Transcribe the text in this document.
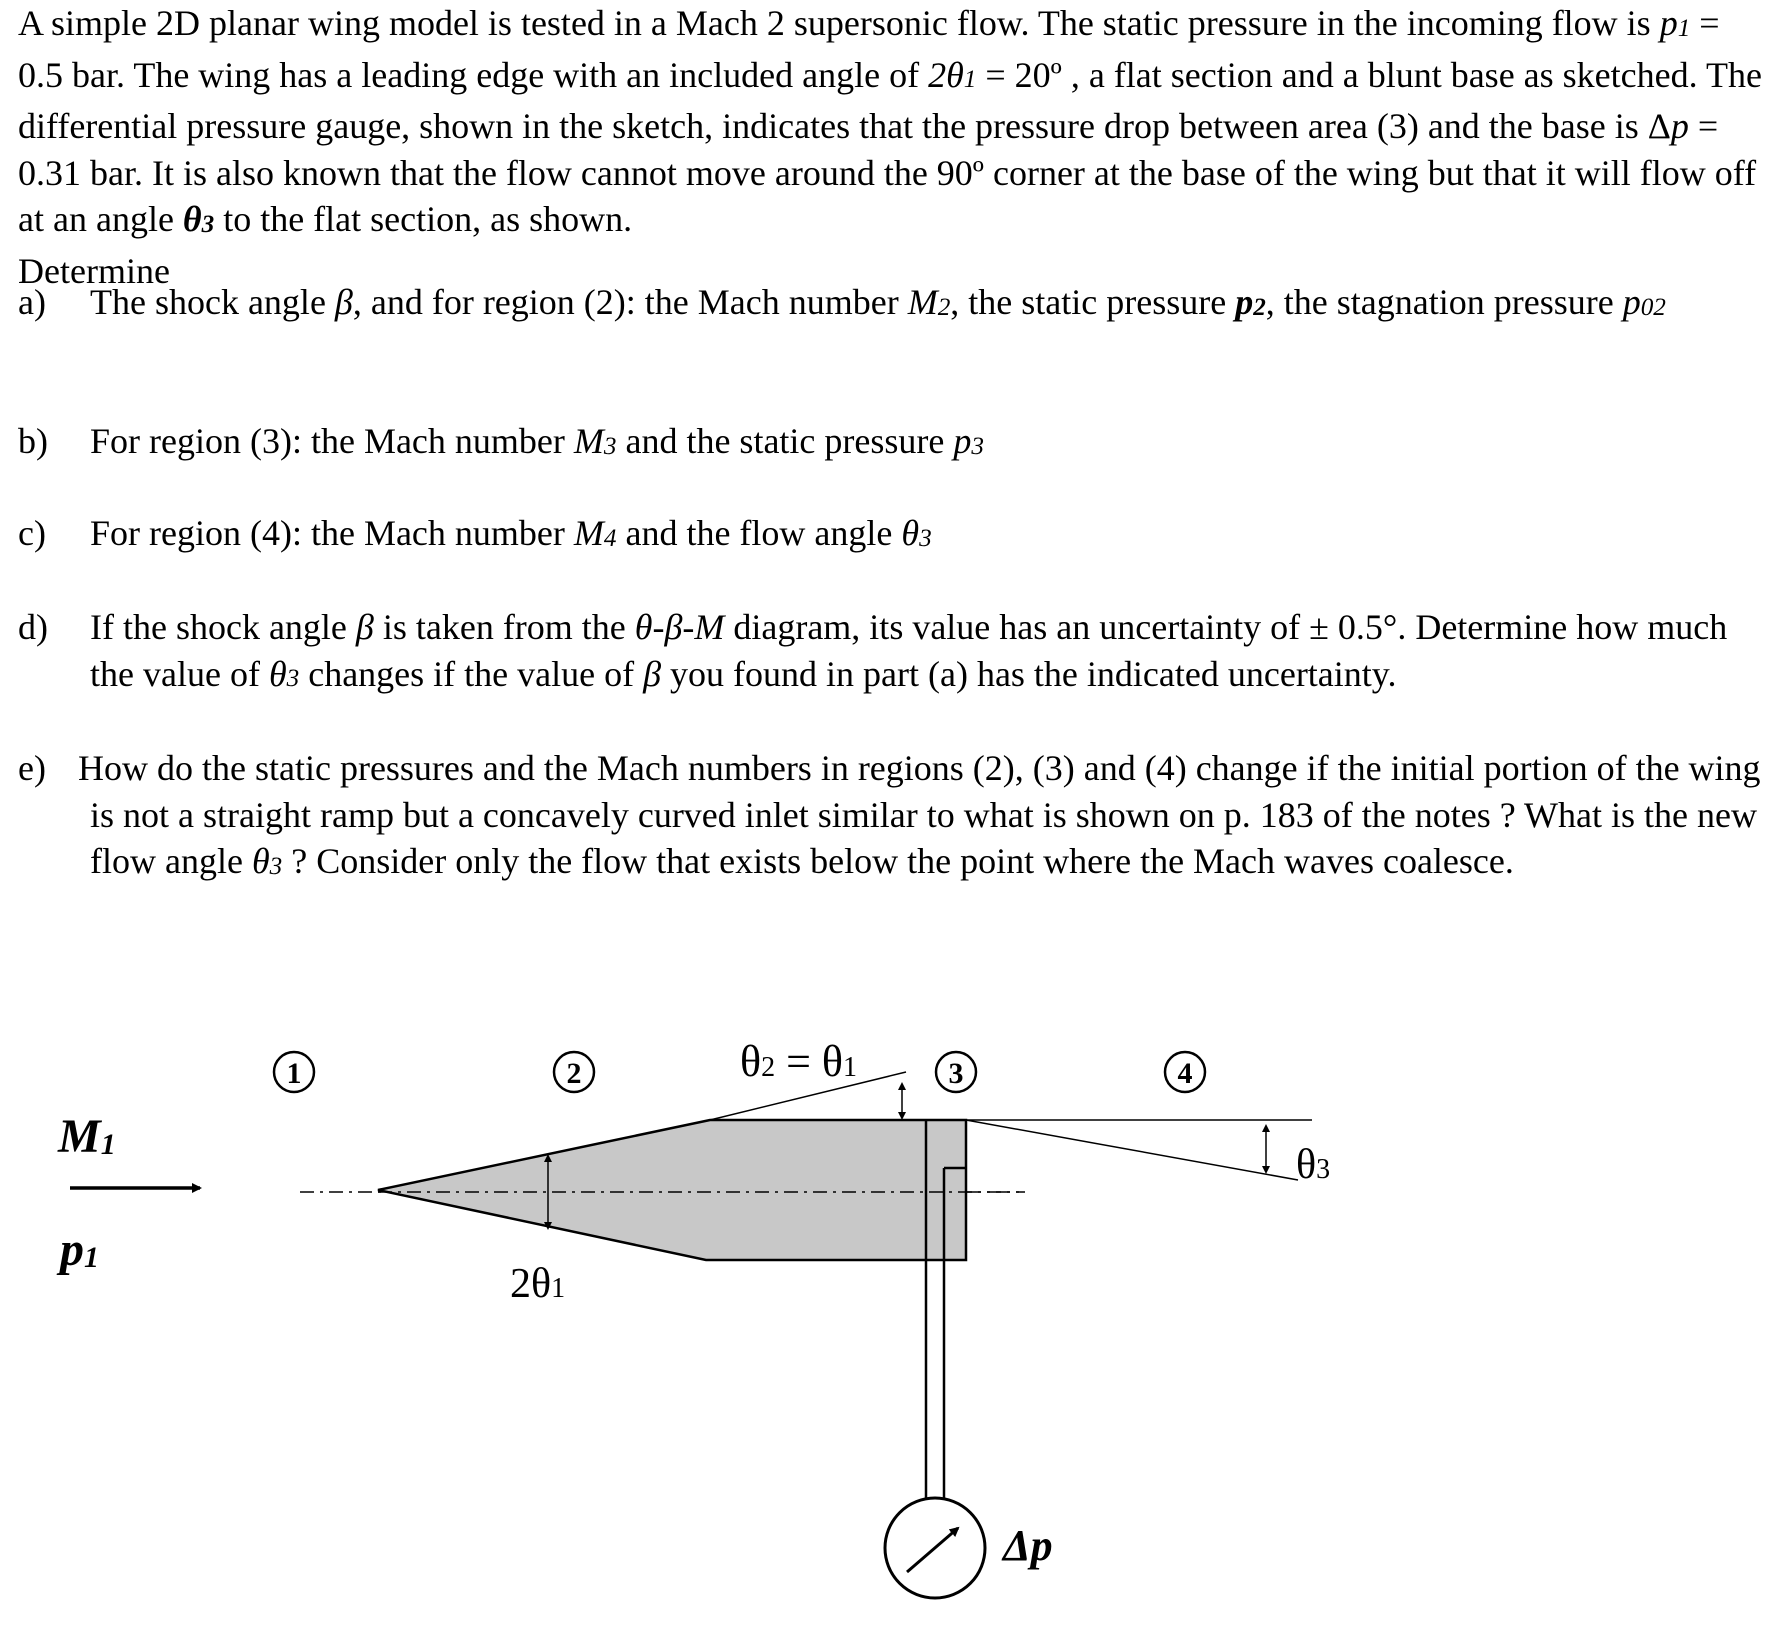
A simple 2D planar wing model is tested in a Mach 2 supersonic flow. The static pressure in the incoming flow is $p_1 = 0.5$ bar. The wing has a leading edge with an included angle of $2\theta_1$ = 20º , a flat section and a blunt base as sketched. The differential pressure gauge, shown in the sketch, indicates that the pressure drop between area (3) and the base is Δp = 0.31 bar. It is also known that the flow cannot move around the 90º corner at the base of the wing but that it will flow off at an angle $\theta_3$ to the flat section, as shown.
Determine
a) The shock angle β, and for region (2): the Mach number $M_2$, the static pressure $p_2$, the stagnation pressure $p_{02}$
b) For region (3): the Mach number $M_3$ and the static pressure $p_3$
c) For region (4): the Mach number $M_4$ and the flow angle $\theta_3$
d) If the shock angle β is taken from the θ-β-M diagram, its value has an uncertainty of ± 0.5°. Determine how much the value of $\theta_3$ changes if the value of β you found in part (a) has the indicated uncertainty.
e) How do the static pressures and the Mach numbers in regions (2), (3) and (4) change if the initial portion of the wing is not a straight ramp but a concavely curved inlet similar to what is shown on p. 183 of the notes ? What is the new flow angle $\theta_3$ ? Consider only the flow that exists below the point where the Mach waves coalesce.
Δp
1	2	3	4
M1
p1
θ2 = θ1
2θ1
θ3
